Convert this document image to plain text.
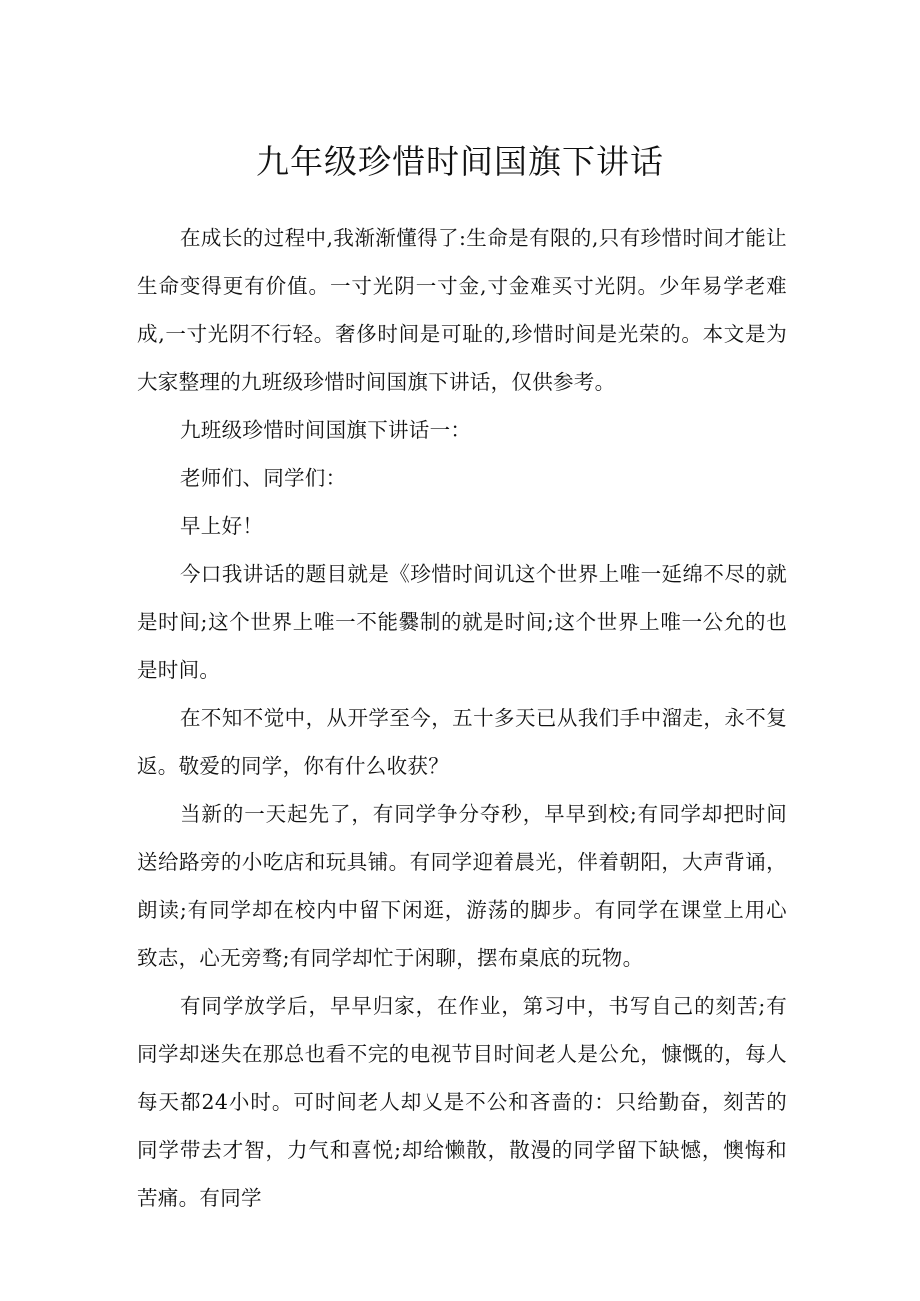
九年级珍惜时间国旗下讲话

在成长的过程中,我渐渐懂得了:生命是有限的,只有珍惜时间才能让生命变得更有价值。一寸光阴一寸金,寸金难买寸光阴。少年易学老难成,一寸光阴不行轻。奢侈时间是可耻的,珍惜时间是光荣的。本文是为大家整理的九班级珍惜时间国旗下讲话，仅供参考。

九班级珍惜时间国旗下讲话一：

老师们、同学们：

早上好！

今口我讲话的题目就是《珍惜时间讥这个世界上唯一延绵不尽的就是时间;这个世界上唯一不能爨制的就是时间;这个世界上唯一公允的也是时间。

在不知不觉中，从开学至今，五十多天已从我们手中溜走，永不复返。敬爱的同学，你有什么收获？

当新的一天起先了，有同学争分夺秒，早早到校;有同学却把时间送给路旁的小吃店和玩具铺。有同学迎着晨光，伴着朝阳，大声背诵，朗读;有同学却在校内中留下闲逛，游荡的脚步。有同学在课堂上用心致志，心无旁骛;有同学却忙于闲聊，摆布桌底的玩物。

有同学放学后，早早归家，在作业，第习中，书写自己的刻苦;有同学却迷失在那总也看不完的电视节目时间老人是公允，慷慨的，每人每天都24小时。可时间老人却乂是不公和吝啬的：只给勤奋，刻苦的同学带去才智，力气和喜悦;却给懒散，散漫的同学留下缺憾，懊悔和苦痛。有同学
